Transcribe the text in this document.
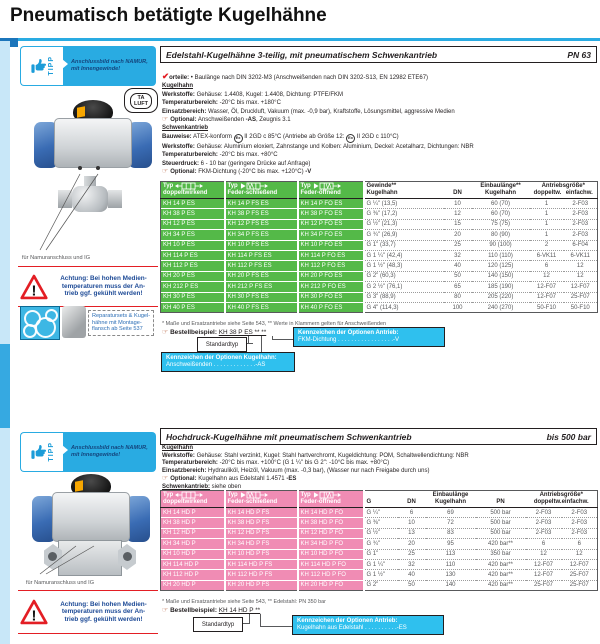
Pneumatisch betätigte Kugelhähne
TIPP	Anschlussbild nach NAMUR,
mit Innengewinde!
für Namuranschluss und IG
!
Achtung: Bei hohen Medien-
temperaturen muss der An-
trieb ggf. gekühlt werden!
Reparatursets & Kugel-
hähne mit Montage-
flansch ab Seite 537
Edelstahl-Kugelhähne 3-teilig, mit pneumatischem Schwenkantrieb	PN 63
TA
LUFT
✔orteile: • Baulänge nach DIN 3202-M3 (Anschweißenden nach DIN 3202-S13, EN 12982 ETE67)
Kugelhahn
Werkstoffe: Gehäuse: 1.4408, Kugel: 1.4408, Dichtung: PTFE/FKM
Temperaturbereich: -20°C bis max. +180°C
Einsatzbereich: Wasser, Öl, Druckluft, Vakuum (max. -0,9 bar), Kraftstoffe, Lösungsmittel, aggressive Medien
☞ Optional: Anschweißenden -AS, Zeugnis 3.1
Schwenkantrieb
Bauweise: ATEX-konform Ex II 2GD c 85°C (Antriebe ab Größe 12: Ex II 2GD c 110°C)
Werkstoffe: Gehäuse: Aluminium eloxiert, Zahnstange und Kolben: Aluminium, Deckel: Acetalharz, Dichtungen: NBR
Temperaturbereich: -20°C bis max. +80°C
Steuerdruck: 6 - 10 bar (geringere Drücke auf Anfrage)
☞ Optional: FKM-Dichtung (-20°C bis max. +120°C) -V
Typ
doppeltwirkend

Typ
Feder-schließend

Typ
Feder-öffnend

Gewinde**
Kugelhahn	DN

Einbaulänge**
Kugelhahn

Antriebsgröße*
doppeltw. einfachw.

KH 14 P ES	KH 14 P FS ES	KH 14 P FO ES	G ¼" (13,5)	10	60 (70)	1	2-F03
KH 38 P ES	KH 38 P FS ES	KH 38 P FO ES	G ⅜" (17,2)	12	60 (70)	1	2-F03
KH 12 P ES	KH 12 P FS ES	KH 12 P FO ES	G ½" (21,3)	15	75 (75)	1	2-F03
KH 34 P ES	KH 34 P FS ES	KH 34 P FO ES	G ¾" (26,9)	20	80 (90)	1	2-F03
KH 10 P ES	KH 10 P FS ES	KH 10 P FO ES	G 1" (33,7)	25	90 (100)	2	6-F04
KH 114 P ES	KH 114 P FS ES	KH 114 P FO ES	G 1 ¼" (42,4)	32	110 (110)	6-VK11	6-VK11
KH 112 P ES	KH 112 P FS ES	KH 112 P FO ES	G 1 ½" (48,3)	40	120 (125)	6	12
KH 20 P ES	KH 20 P FS ES	KH 20 P FO ES	G 2" (60,3)	50	140 (150)	12	12
KH 212 P ES	KH 212 P FS ES	KH 212 P FO ES	G 2 ½" (76,1)	65	185 (190)	12-F07	12-F07
KH 30 P ES	KH 30 P FS ES	KH 30 P FO ES	G 3" (88,9)	80	205 (220)	12-F07	25-F07
KH 40 P ES	KH 40 P FS ES	KH 40 P FO ES	G 4" (114,3)	100	240 (270)	50-F10	50-F10
* Maße und Ersatzantriebe siehe Seite 543, ** Werte in Klammern gelten für Anschweißenden
☞ Bestellbeispiel: KH 38 P ES ** **
Standardtyp
Kennzeichen der Optionen Antrieb:
FKM-Dichtung . . . . . . . . . . . . . . . . .-V
Kennzeichen der Optionen Kugelhahn:
Anschweißenden . . . . . . . . . . . . .-AS
TIPP	Anschlussbild nach NAMUR,
mit Innengewinde!
für Namuranschluss und IG
!
Achtung: Bei hohen Medien-
temperaturen muss der An-
trieb ggf. gekühlt werden!
Hochdruck-Kugelhähne mit pneumatischem Schwenkantrieb	bis 500 bar
Kugelhahn
Werkstoffe: Gehäuse: Stahl verzinkt, Kugel: Stahl hartverchromt, Kugeldichtung: POM, Schaltwellendichtung: NBR
Temperaturbereich: -20°C bis max. +100°C (G 1 ¼" bis G 2": -10°C bis max. +80°C)
Einsatzbereich: Hydrauliköl, Heizöl, Vakuum (max. -0,3 bar), (Wasser nur nach Freigabe durch uns)
☞ Optional: Kugelhahn aus Edelstahl 1.4571 -ES
Schwenkantrieb: siehe oben
Typ
doppeltwirkend

Typ
Feder-schließend

Typ
Feder-öffnend	G	DN

Einbaulänge
Kugelhahn	PN

Antriebsgröße*
doppeltw.einfachw.

KH 14 HD P	KH 14 HD P FS	KH 14 HD P FO	G ¼"	6	69	500 bar	2-F03	2-F03
KH 38 HD P	KH 38 HD P FS	KH 38 HD P FO	G ⅜"	10	72	500 bar	2-F03	2-F03
KH 12 HD P	KH 12 HD P FS	KH 12 HD P FO	G ½"	13	83	500 bar	2-F03	2-F03
KH 34 HD P	KH 34 HD P FS	KH 34 HD P FO	G ¾"	20	95	420 bar**	6	6
KH 10 HD P	KH 10 HD P FS	KH 10 HD P FO	G 1"	25	113	350 bar	12	12
KH 114 HD P	KH 114 HD P FS	KH 114 HD P FO	G 1 ¼"	32	110	420 bar**	12-F07	12-F07
KH 112 HD P	KH 112 HD P FS	KH 112 HD P FO	G 1 ½"	40	130	420 bar**	12-F07	25-F07
KH 20 HD P	KH 20 HD P FS	KH 20 HD P FO	G 2"	50	140	420 bar**	25-F07	25-F07
* Maße und Ersatzantriebe siehe Seite 543, ** Edelstahl: PN 350 bar
☞ Bestellbeispiel: KH 14 HD P **
Standardtyp
Kennzeichen der Optionen Antrieb:
Kugelhahn aus Edelstahl . . . . . . . . . .-ES
